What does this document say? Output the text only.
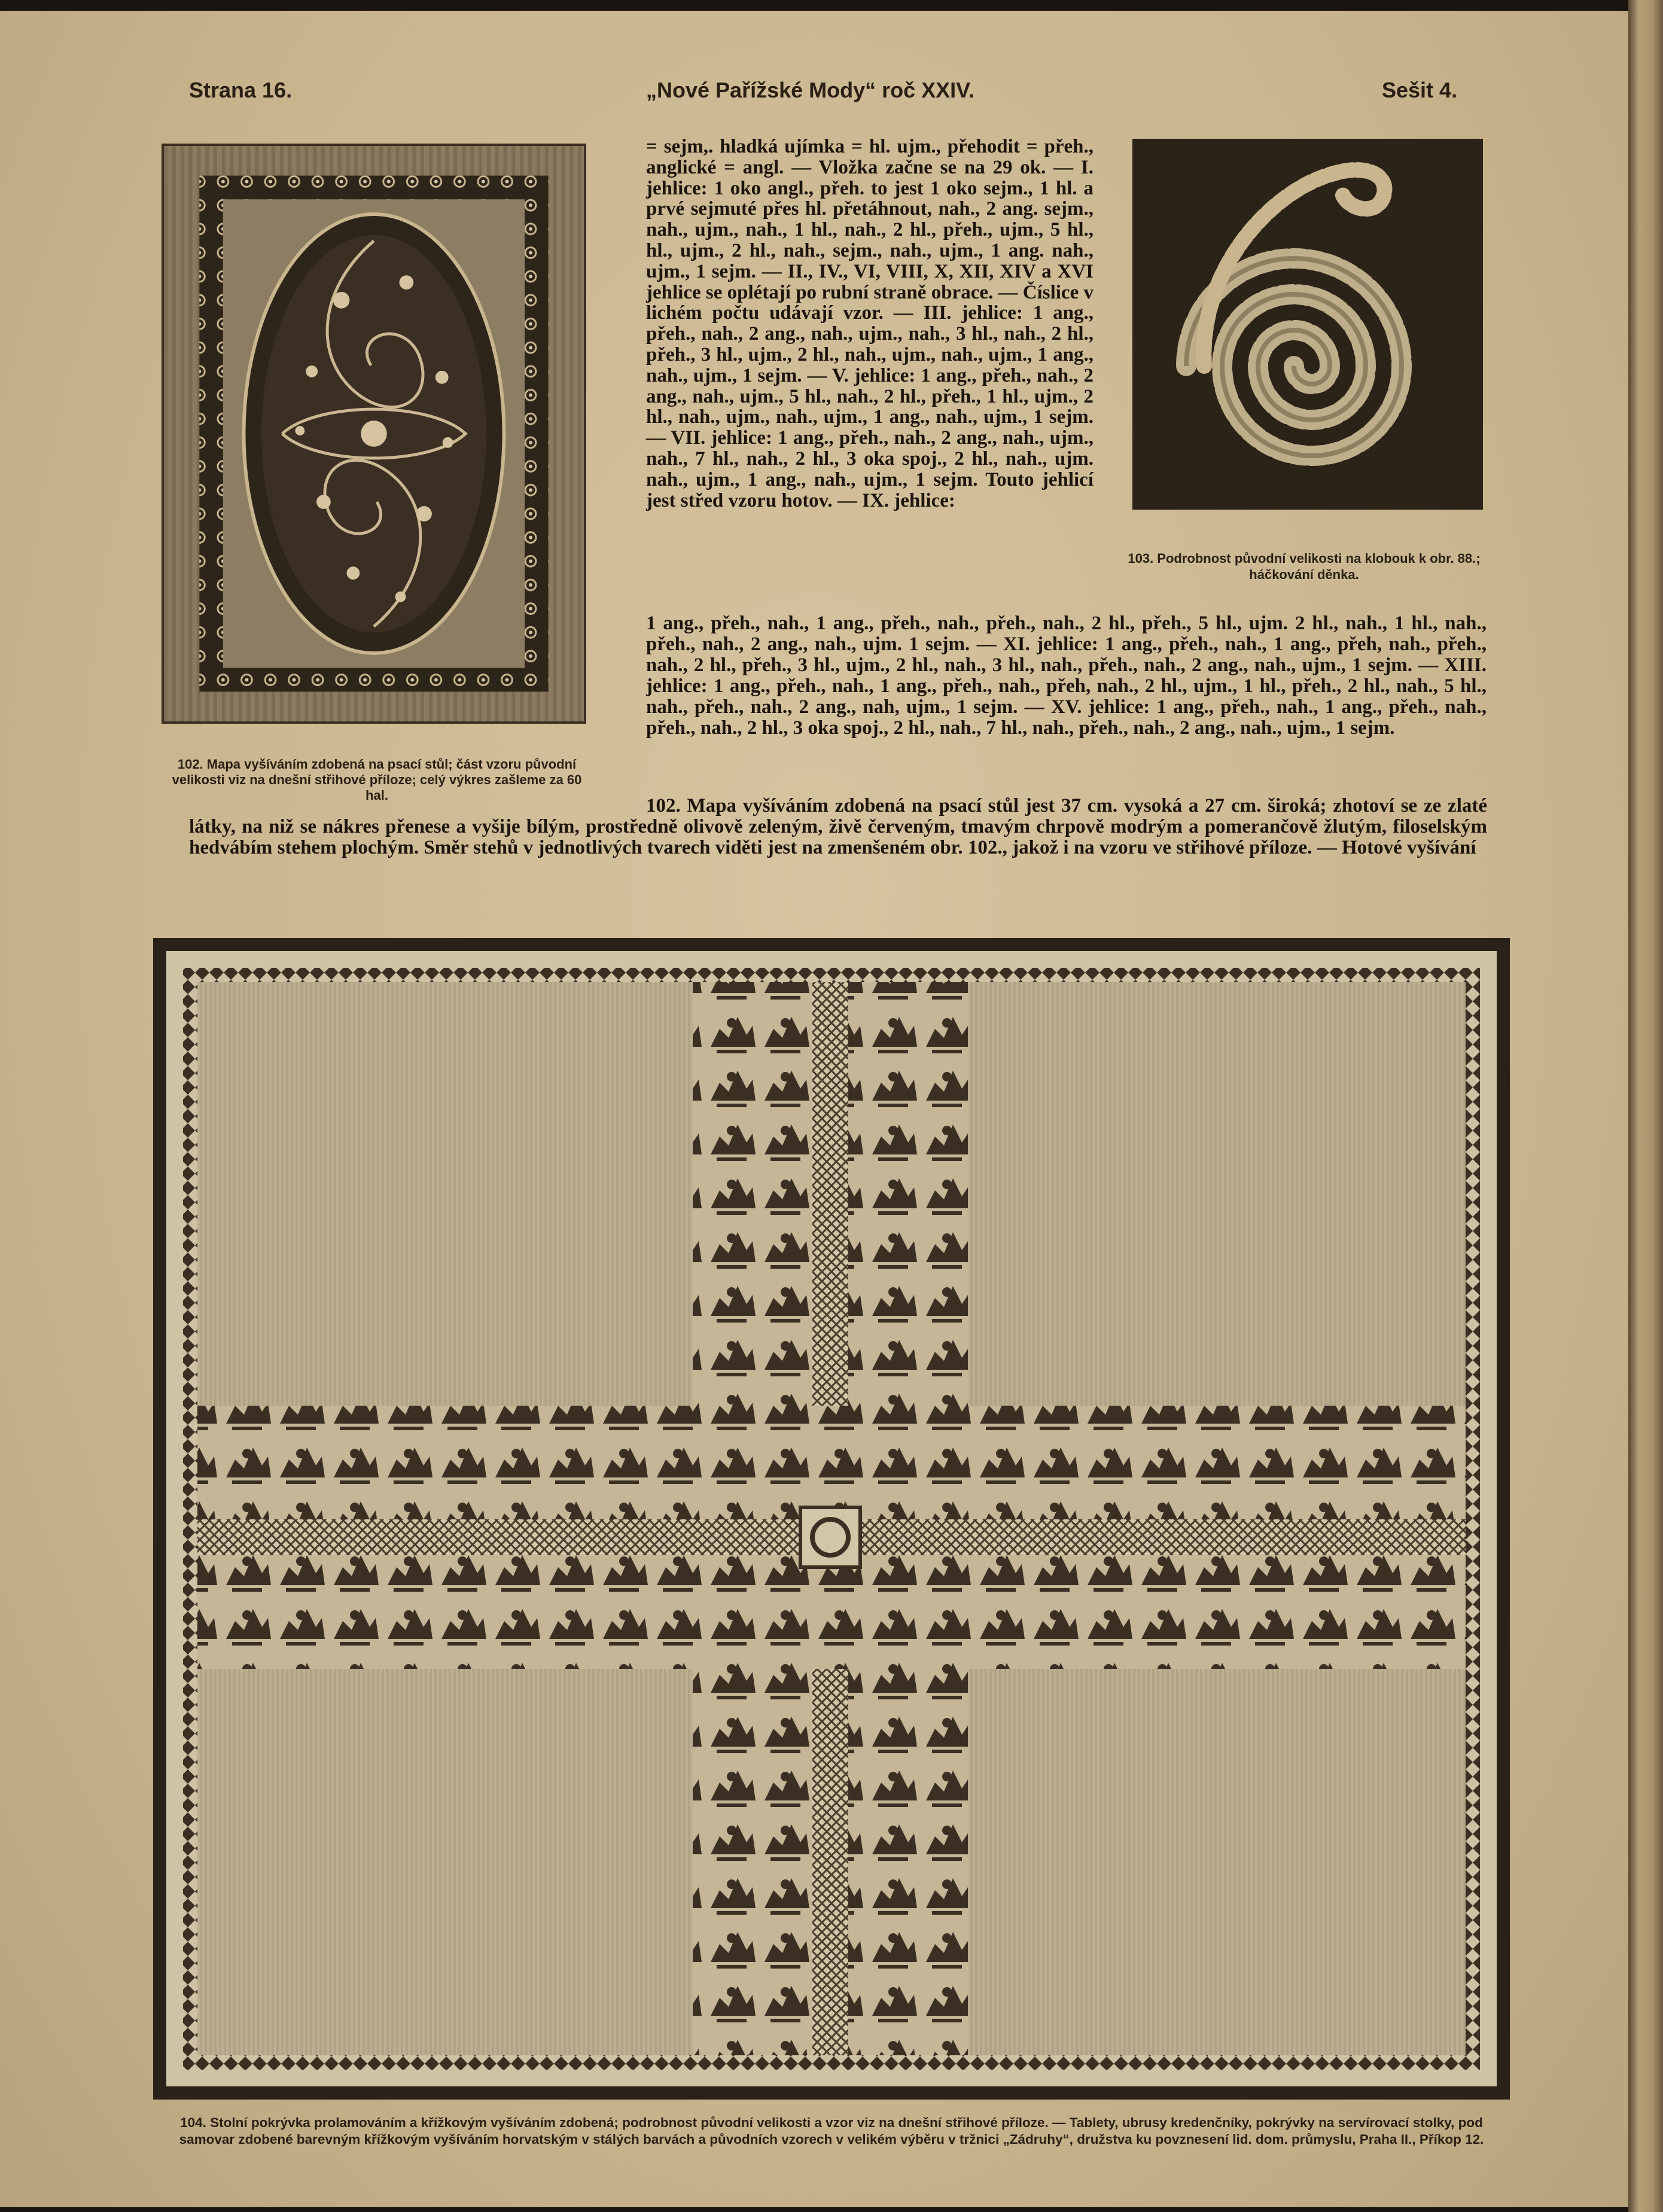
Strana 16.	„Nové Pařížské Mody“ roč XXIV.	Sešit 4.
102. Mapa vyšíváním zdobená na psací stůl; část vzoru původní velikosti viz na dnešní střihové příloze; celý výkres zašleme za 60 hal.
= sejm,. hladká ujímka = hl. ujm., přehodit = přeh., anglické = angl. — Vložka začne se na 29 ok. — I. jehlice: 1 oko angl., přeh. to jest 1 oko sejm., 1 hl. a prvé sejmuté přes hl. přetáhnout, nah., 2 ang. sejm., nah., ujm., nah., 1 hl., nah., 2 hl., přeh., ujm., 5 hl., hl., ujm., 2 hl., nah., sejm., nah., ujm., 1 ang. nah., ujm., 1 sejm. — II., IV., VI, VIII, X, XII, XIV a XVI jehlice se oplétají po rubní straně obrace. — Číslice v lichém počtu udávají vzor. — III. jehlice: 1 ang., přeh., nah., 2 ang., nah., ujm., nah., 3 hl., nah., 2 hl., přeh., 3 hl., ujm., 2 hl., nah., ujm., nah., ujm., 1 ang., nah., ujm., 1 sejm. — V. jehlice: 1 ang., přeh., nah., 2 ang., nah., ujm., 5 hl., nah., 2 hl., přeh., 1 hl., ujm., 2 hl., nah., ujm., nah., ujm., 1 ang., nah., ujm., 1 sejm. — VII. jehlice: 1 ang., přeh., nah., 2 ang., nah., ujm., nah., 7 hl., nah., 2 hl., 3 oka spoj., 2 hl., nah., ujm. nah., ujm., 1 ang., nah., ujm., 1 sejm. Touto jehlicí jest střed vzoru hotov. — IX. jehlice:
103. Podrobnost původní velikosti na klobouk k obr. 88.; háčkování děnka.
1 ang., přeh., nah., 1 ang., přeh., nah., přeh., nah., 2 hl., přeh., 5 hl., ujm. 2 hl., nah., 1 hl., nah., přeh., nah., 2 ang., nah., ujm. 1 sejm. — XI. jehlice: 1 ang., přeh., nah., 1 ang., přeh, nah., přeh., nah., 2 hl., přeh., 3 hl., ujm., 2 hl., nah., 3 hl., nah., přeh., nah., 2 ang., nah., ujm., 1 sejm. — XIII. jehlice: 1 ang., přeh., nah., 1 ang., přeh., nah., přeh, nah., 2 hl., ujm., 1 hl., přeh., 2 hl., nah., 5 hl., nah., přeh., nah., 2 ang., nah, ujm., 1 sejm. — XV. jehlice: 1 ang., přeh., nah., 1 ang., přeh., nah., přeh., nah., 2 hl., 3 oka spoj., 2 hl., nah., 7 hl., nah., přeh., nah., 2 ang., nah., ujm., 1 sejm.
102. Mapa vyšíváním zdobená na psací stůl jest 37 cm. vysoká a 27 cm. široká; zhotoví se ze zlaté látky, na niž se nákres přenese a vyšije bílým, prostředně olivově zeleným, živě červeným, tmavým chrpově modrým a pomerančově žlutým, filoselským hedvábím stehem plochým. Směr stehů v jednotlivých tvarech viděti jest na zmenšeném obr. 102., jakož i na vzoru ve střihové příloze. — Hotové vyšívání
104. Stolní pokrývka prolamováním a křížkovým vyšíváním zdobená; podrobnost původní velikosti a vzor viz na dnešní střihové příloze. — Tablety, ubrusy kredenčníky, pokrývky na servírovací stolky, pod samovar zdobené barevným křížkovým vyšíváním horvatským v stálých barvách a původních vzorech v velikém výběru v tržnici „Zádruhy“, družstva ku povznesení lid. dom. průmyslu, Praha II., Příkop 12.
